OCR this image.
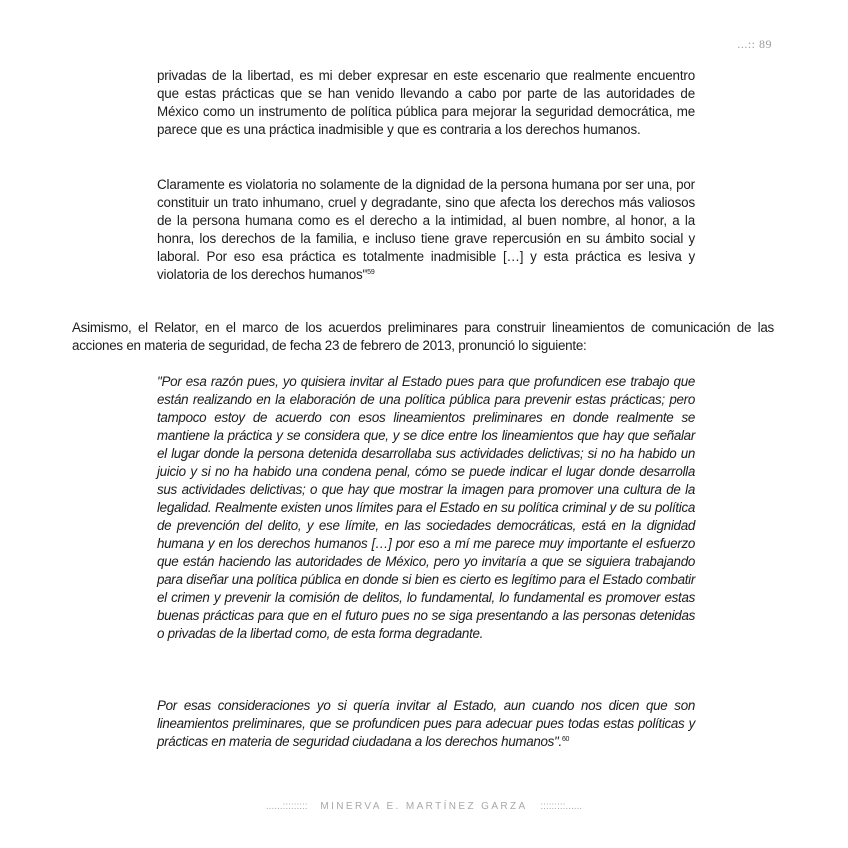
...:: 89

privadas de la libertad, es mi deber expresar en este escenario que realmente encuentro que estas prácticas que se han venido llevando a cabo por parte de las autoridades de México como un instrumento de política pública para mejorar la seguridad democrática, me parece que es una práctica inadmisible y que es contraria a los derechos humanos.

Claramente es violatoria no solamente de la dignidad de la persona humana por ser una, por constituir un trato inhumano, cruel y degradante, sino que afecta los derechos más valiosos de la persona humana como es el derecho a la intimidad, al buen nombre, al honor, a la honra, los derechos de la familia, e incluso tiene grave repercusión en su ámbito social y laboral. Por eso esa práctica es totalmente inadmisible […] y esta práctica es lesiva y violatoria de los derechos humanos"$^{59}$

Asimismo, el Relator, en el marco de los acuerdos preliminares para construir lineamientos de comunicación de las acciones en materia de seguridad, de fecha 23 de febrero de 2013, pronunció lo siguiente:

"Por esa razón pues, yo quisiera invitar al Estado pues para que profundicen ese trabajo que están realizando en la elaboración de una política pública para prevenir estas prácticas; pero tampoco estoy de acuerdo con esos lineamientos preliminares en donde realmente se mantiene la práctica y se considera que, y se dice entre los lineamientos que hay que señalar el lugar donde la persona detenida desarrollaba sus actividades delictivas; si no ha habido un juicio y si no ha habido una condena penal, cómo se puede indicar el lugar donde desarrolla sus actividades delictivas; o que hay que mostrar la imagen para promover una cultura de la legalidad. Realmente existen unos límites para el Estado en su política criminal y de su política de prevención del delito, y ese límite, en las sociedades democráticas, está en la dignidad humana y en los derechos humanos […] por eso a mí me parece muy importante el esfuerzo que están haciendo las autoridades de México, pero yo invitaría a que se siguiera trabajando para diseñar una política pública en donde si bien es cierto es legítimo para el Estado combatir el crimen y prevenir la comisión de delitos, lo fundamental, lo fundamental es promover estas buenas prácticas para que en el futuro pues no se siga presentando a las personas detenidas o privadas de la libertad como, de esta forma degradante.

Por esas consideraciones yo si quería invitar al Estado, aun cuando nos dicen que son lineamientos preliminares, que se profundicen pues para adecuar pues todas estas políticas y prácticas en materia de seguridad ciudadana a los derechos humanos".$^{60}$

......::::::::: MINERVA E. MARTÍNEZ GARZA :::::::::......
